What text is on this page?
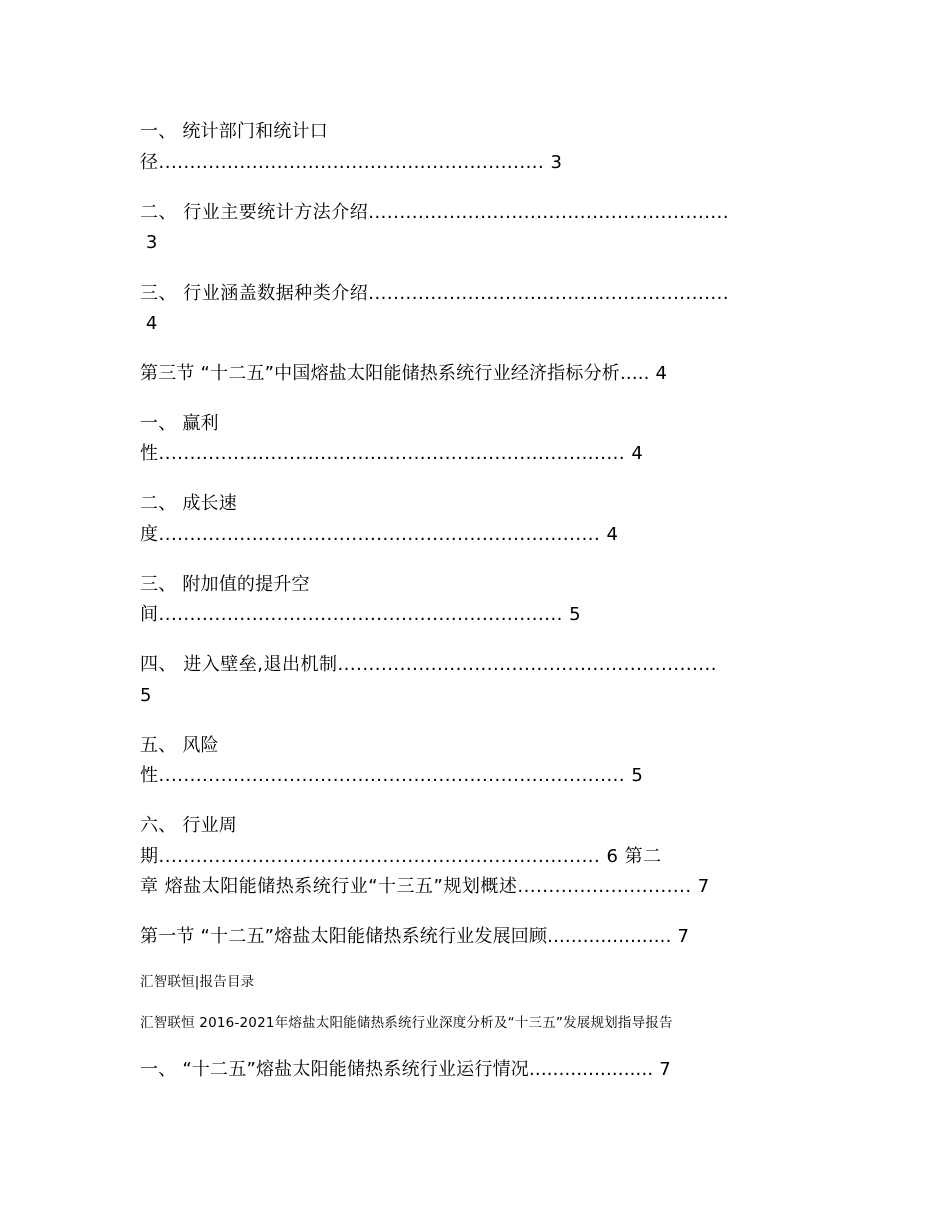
一、 统计部门和统计口
径.............................................................. 3
二、 行业主要统计方法介绍..........................................................
3
三、 行业涵盖数据种类介绍..........................................................
4
第三节 “十二五”中国熔盐太阳能储热系统行业经济指标分析..... 4
一、 赢利
性........................................................................... 4
二、 成长速
度....................................................................... 4
三、 附加值的提升空
间................................................................. 5
四、 进入壁垒,退出机制.............................................................
5
五、 风险
性........................................................................... 5
六、 行业周
期....................................................................... 6 第二
章 熔盐太阳能储热系统行业“十三五”规划概述............................ 7
第一节 “十二五”熔盐太阳能储热系统行业发展回顾..................... 7
汇智联恒|报告目录
汇智联恒 2016-2021年熔盐太阳能储热系统行业深度分析及“十三五”发展规划指导报告
一、 “十二五”熔盐太阳能储热系统行业运行情况..................... 7
